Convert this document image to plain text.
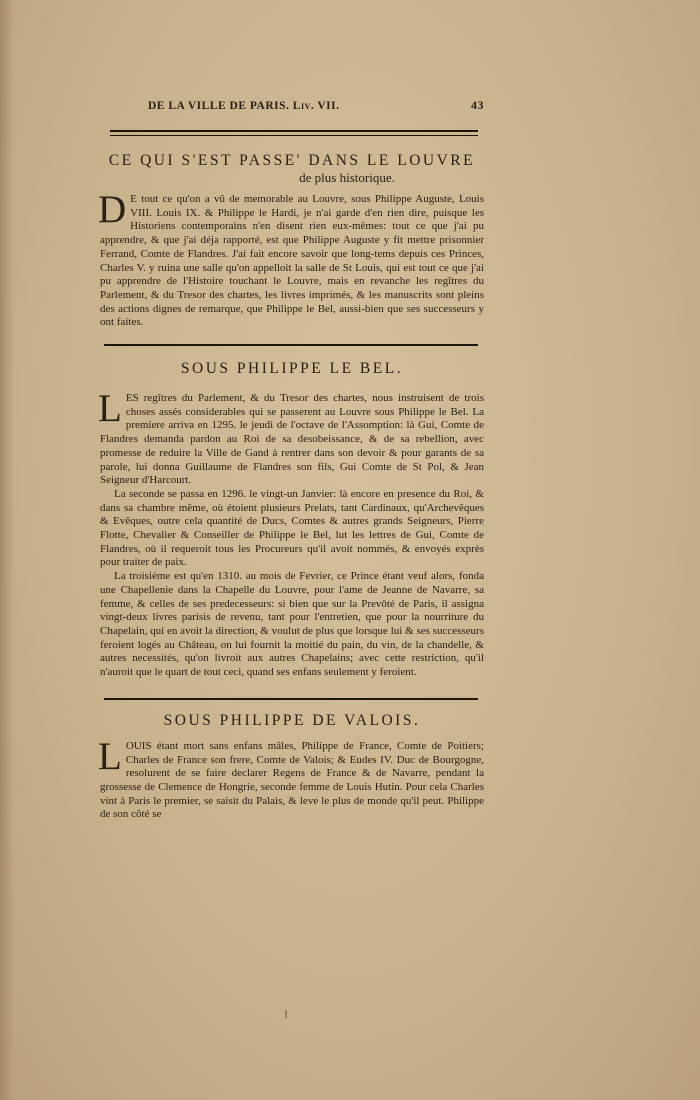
DE LA VILLE DE PARIS. Liv. VII.	43
CE QUI S'EST PASSE' DANS LE LOUVRE
de plus historique.

D E tout ce qu'on a vû de memorable au Louvre, sous Philippe Auguste, Louis VIII. Louis IX. & Philippe le Hardi, je n'ai garde d'en rien dire, puisque les Historiens contemporains n'en disent rien eux-mêmes: tout ce que j'ai pu apprendre, & que j'ai déja rapporté, est que Philippe Auguste y fit mettre prisonnier Ferrand, Comte de Flandres. J'ai fait encore savoir que long-tems depuis ces Princes, Charles V. y ruina une salle qu'on appelloit la salle de St Louis, qui est tout ce que j'ai pu apprendre de l'Histoire touchant le Louvre, mais en revanche les regîtres du Parlement, & du Tresor des chartes, les livres imprimés, & les manuscrits sont pleins des actions dignes de remarque, que Philippe le Bel, aussi-bien que ses successeurs y ont faites.

SOUS PHILIPPE LE BEL.

LES regîtres du Parlement, & du Tresor des chartes, nous instruisent de trois choses assés considerables qui se passerent au Louvre sous Philippe le Bel. La premiere arriva en 1295. le jeudi de l'octave de l'Assomption: là Gui, Comte de Flandres demanda pardon au Roi de sa desobeissance, & de sa rebellion, avec promesse de reduire la Ville de Gand à rentrer dans son devoir & pour garants de sa parole, lui donna Guillaume de Flandres son fils, Gui Comte de St Pol, & Jean Seigneur d'Harcourt.

La seconde se passa en 1296. le vingt-un Janvier: là encore en presence du Roi, & dans sa chambre même, où étoient plusieurs Prelats, tant Cardinaux, qu'Archevêques & Evêques, outre cela quantité de Ducs, Comtes & autres grands Seigneurs, Pierre Flotte, Chevalier & Conseiller de Philippe le Bel, lut les lettres de Gui, Comte de Flandres, où il requeroit tous les Procureurs qu'il avoit nommés, & envoyés exprès pour traiter de paix.

La troisiéme est qu'en 1310. au mois de Fevrier, ce Prince étant veuf alors, fonda une Chapellenie dans la Chapelle du Louvre, pour l'ame de Jeanne de Navarre, sa femme, & celles de ses predecesseurs: si bien que sur la Prevôté de Paris, il assigna vingt-deux livres parisis de revenu, tant pour l'entretien, que pour la nourriture du Chapelain, qui en avoit la direction, & voulut de plus que lorsque lui & ses successeurs feroient logés au Château, on lui fournit la moitié du pain, du vin, de la chandelle, & autres necessités, qu'on livroit aux autres Chapelains; avec cette restriction, qu'il n'auroit que le quart de tout ceci, quand ses enfans seulement y feroient.

SOUS PHILIPPE DE VALOIS.

LOUIS étant mort sans enfans mâles, Philippe de France, Comte de Poitiers; Charles de France son frere, Comte de Valois; & Eudes IV. Duc de Bourgogne, resolurent de se faire declarer Regens de France & de Navarre, pendant la grossesse de Clemence de Hongrie, seconde femme de Louis Hutin. Pour cela Charles vint à Paris le premier, se saisit du Palais, & leve le plus de monde qu'il peut. Philippe de son côté se
